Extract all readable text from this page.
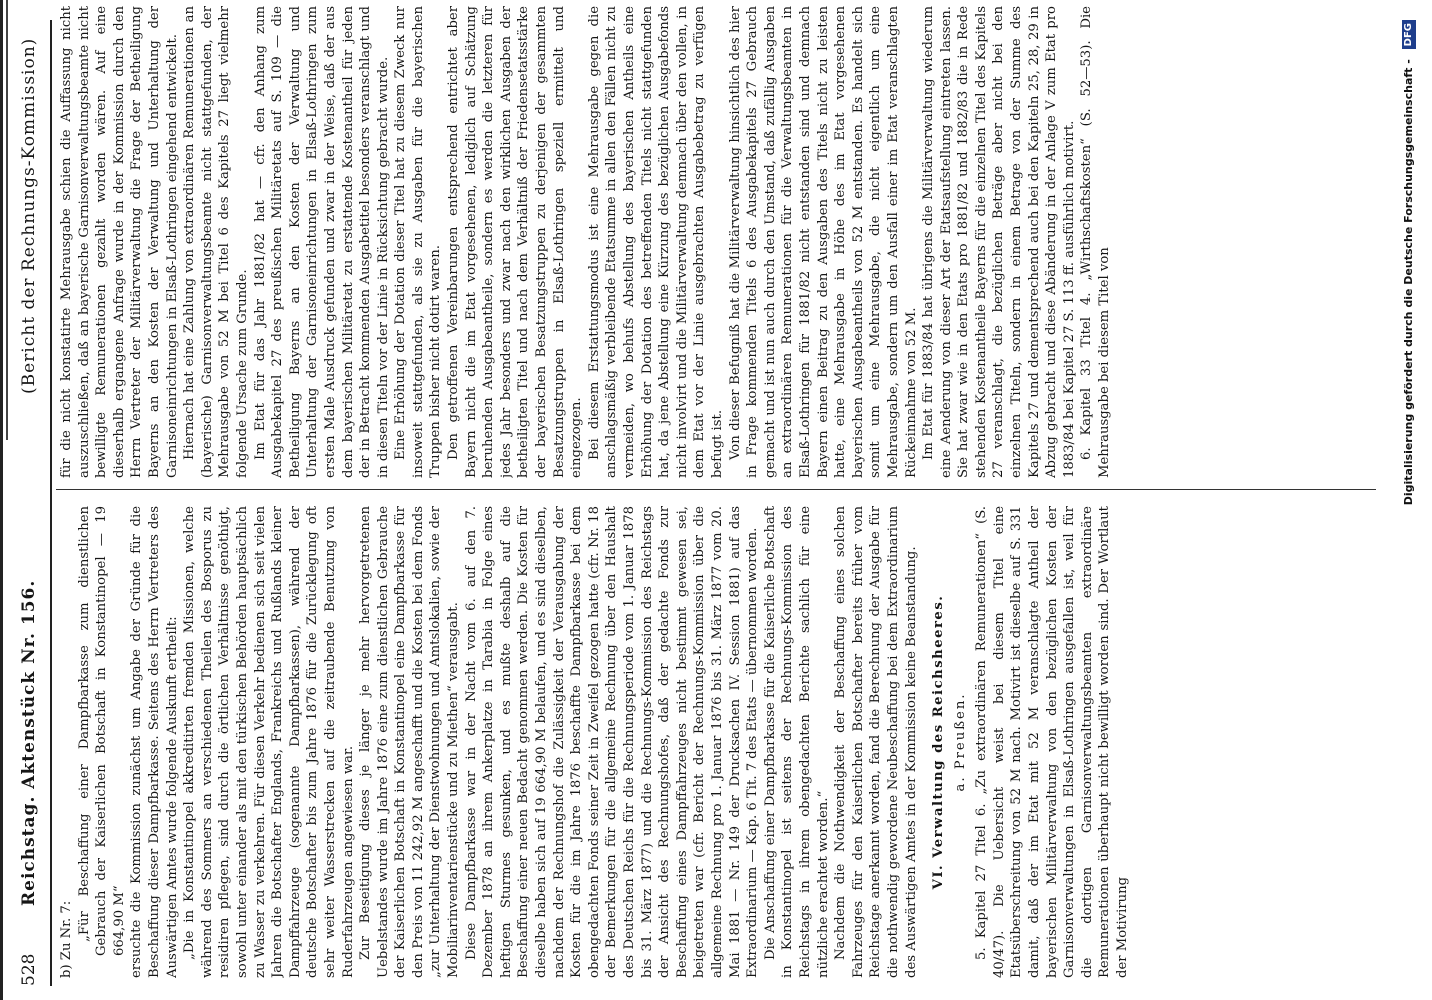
528
Reichstag. Aktenstück Nr. 156.
(Bericht der Rechnungs-Kommission)

b) Zu Nr. 7: „Für Beschaffung einer Dampfbarkasse zum dienstlichen Gebrauch der Kaiserlichen Botschaft in Konstantinopel — 19 664,90 M“ ersuchte die Kommission zunächst um Angabe der Gründe für die Beschaffung dieser Dampfbarkasse. Seitens des Herrn Vertreters des Auswärtigen Amtes wurde folgende Auskunft ertheilt: „Die in Konstantinopel akkreditirten fremden Missionen, welche während des Sommers an verschiedenen Theilen des Bosporus zu residiren pflegen, sind durch die örtlichen Verhältnisse genöthigt, sowohl unter einander als mit den türkischen Behörden hauptsächlich zu Wasser zu verkehren. Für diesen Verkehr bedienen sich seit vielen Jahren die Botschafter Englands, Frankreichs und Rußlands kleiner Dampffahrzeuge (sogenannte Dampfbarkassen), während der deutsche Botschafter bis zum Jahre 1876 für die Zurücklegung oft sehr weiter Wasserstrecken auf die zeitraubende Benutzung von Ruderfahrzeugen angewiesen war. Zur Beseitigung dieses je länger je mehr hervorgetretenen Uebelstandes wurde im Jahre 1876 eine zum dienstlichen Gebrauche der Kaiserlichen Botschaft in Konstantinopel eine Dampfbarkasse für den Preis von 11 242,92 M angeschafft und die Kosten bei dem Fonds „zur Unterhaltung der Dienstwohnungen und Amtslokalien, sowie der Mobiliarinventarienstücke und zu Miethen“ verausgabt. Diese Dampfbarkasse war in der Nacht vom 6. auf den 7. Dezember 1878 an ihrem Ankerplatze in Tarabia in Folge eines heftigen Sturmes gesunken, und es mußte deshalb auf die Beschaffung einer neuen Bedacht genommen werden. Die Kosten für dieselbe haben sich auf 19 664,90 M belaufen, und es sind dieselben, nachdem der Rechnungshof die Zulässigkeit der Verausgabung der Kosten für die im Jahre 1876 beschaffte Dampfbarkasse bei dem obengedachten Fonds seiner Zeit in Zweifel gezogen hatte (cfr. Nr. 18 der Bemerkungen für die allgemeine Rechnung über den Haushalt des Deutschen Reichs für die Rechnungsperiode vom 1. Januar 1878 bis 31. März 1877) und die Rechnungs-Kommission des Reichstags der Ansicht des Rechnungshofes, daß der gedachte Fonds zur Beschaffung eines Dampffahrzeuges nicht bestimmt gewesen sei, beigetreten war (cfr. Bericht der Rechnungs-Kommission über die allgemeine Rechnung pro 1. Januar 1876 bis 31. März 1877 vom 20. Mai 1881 — Nr. 149 der Drucksachen IV. Session 1881) auf das Extraordinarium — Kap. 6 Tit. 7 des Etats — übernommen worden. Die Anschaffung einer Dampfbarkasse für die Kaiserliche Botschaft in Konstantinopel ist seitens der Rechnungs-Kommission des Reichstags in ihrem obengedachten Berichte sachlich für eine nützliche erachtet worden.“ Nachdem die Nothwendigkeit der Beschaffung eines solchen Fahrzeuges für den Kaiserlichen Botschafter bereits früher vom Reichstage anerkannt worden, fand die Berechnung der Ausgabe für die nothwendig gewordene Neubeschaffung bei dem Extraordinarium des Auswärtigen Amtes in der Kommission keine Beanstandung. VI. Verwaltung des Reichsheeres. a. Preußen. 5. Kapitel 27 Titel 6. „Zu extraordinären Remunerationen“ (S. 40/47). Die Uebersicht weist bei diesem Titel eine Etatsüberschreitung von 52 M nach. Motivirt ist dieselbe auf S. 331 damit, daß der im Etat mit 52 M veranschlagte Antheil der bayerischen Militärverwaltung von den bezüglichen Kosten der Garnisonverwaltungen in Elsaß-Lothringen ausgefallen ist, weil für die dortigen Garnisonverwaltungsbeamten extraordinäre Remunerationen überhaupt nicht bewilligt worden sind. Der Wortlaut der Motivirung

für die nicht konstatirte Mehrausgabe schien die Auffassung nicht auszuschließen, daß an bayerische Garnisonverwaltungsbeamte nicht bewilligte Remunerationen gezahlt worden wären. Auf eine dieserhalb ergangene Anfrage wurde in der Kommission durch den Herrn Vertreter der Militärverwaltung die Frage der Betheiligung Bayerns an den Kosten der Verwaltung und Unterhaltung der Garnisoneinrichtungen in Elsaß-Lothringen eingehend entwickelt. Hiernach hat eine Zahlung von extraordinären Remunerationen an (bayerische) Garnisonverwaltungsbeamte nicht stattgefunden, der Mehrausgabe von 52 M bei Titel 6 des Kapitels 27 liegt vielmehr folgende Ursache zum Grunde. Im Etat für das Jahr 1881/82 hat — cfr. den Anhang zum Ausgabekapitel 27 des preußischen Militäretats auf S. 109 — die Betheiligung Bayerns an den Kosten der Verwaltung und Unterhaltung der Garnisoneinrichtungen in Elsaß-Lothringen zum ersten Male Ausdruck gefunden und zwar in der Weise, daß der aus dem bayerischen Militäretat zu erstattende Kostenantheil für jeden der in Betracht kommenden Ausgabetitel besonders veranschlagt und in diesen Titeln vor der Linie in Rücksichtung gebracht wurde. Eine Erhöhung der Dotation dieser Titel hat zu diesem Zweck nur insoweit stattgefunden, als sie zu Ausgaben für die bayerischen Truppen bisher nicht dotirt waren. Den getroffenen Vereinbarungen entsprechend entrichtet aber Bayern nicht die im Etat vorgesehenen, lediglich auf Schätzung beruhenden Ausgabeantheile, sondern es werden die letzteren für jedes Jahr besonders und zwar nach den wirklichen Ausgaben der betheiligten Titel und nach dem Verhältniß der Friedensetatsstärke der bayerischen Besatzungstruppen zu derjenigen der gesammten Besatzungstruppen in Elsaß-Lothringen speziell ermittelt und eingezogen. Bei diesem Erstattungsmodus ist eine Mehrausgabe gegen die anschlagsmäßig verbleibende Etatsumme in allen den Fällen nicht zu vermeiden, wo behufs Abstellung des bayerischen Antheils eine Erhöhung der Dotation des betreffenden Titels nicht stattgefunden hat, da jene Abstellung eine Kürzung des bezüglichen Ausgabefonds nicht involvirt und die Militärverwaltung demnach über den vollen, in dem Etat vor der Linie ausgebrachten Ausgabebetrag zu verfügen befugt ist. Von dieser Befugniß hat die Militärverwaltung hinsichtlich des hier in Frage kommenden Titels 6 des Ausgabekapitels 27 Gebrauch gemacht und ist nun auch durch den Umstand, daß zufällig Ausgaben an extraordinären Remunerationen für die Verwaltungsbeamten in Elsaß-Lothringen für 1881/82 nicht entstanden sind und demnach Bayern einen Beitrag zu den Ausgaben des Titels nicht zu leisten hatte, eine Mehrausgabe in Höhe des im Etat vorgesehenen bayerischen Ausgabeantheils von 52 M entstanden. Es handelt sich somit um eine Mehrausgabe, die nicht eigentlich um eine Mehrausgabe, sondern um den Ausfall einer im Etat veranschlagten Rückeinnahme von 52 M. Im Etat für 1883/84 hat übrigens die Militärverwaltung wiederum eine Aenderung von dieser Art der Etatsaufstellung eintreten lassen. Sie hat zwar wie in den Etats pro 1881/82 und 1882/83 die in Rede stehenden Kostenantheile Bayerns für die einzelnen Titel des Kapitels 27 veranschlagt, die bezüglichen Beträge aber nicht bei den einzelnen Titeln, sondern in einem Betrage von der Summe des Kapitels 27 und dementsprechend auch bei den Kapiteln 25, 28, 29 in Abzug gebracht und diese Abänderung in der Anlage V zum Etat pro 1883/84 bei Kapitel 27 S. 113 ff. ausführlich motivirt. 6. Kapitel 33 Titel 4. „Wirthschaftskosten“ (S. 52—53). Die Mehrausgabe bei diesem Titel von	Digitalisierung gefördert durch die Deutsche Forschungsgemeinschaft - DFG
